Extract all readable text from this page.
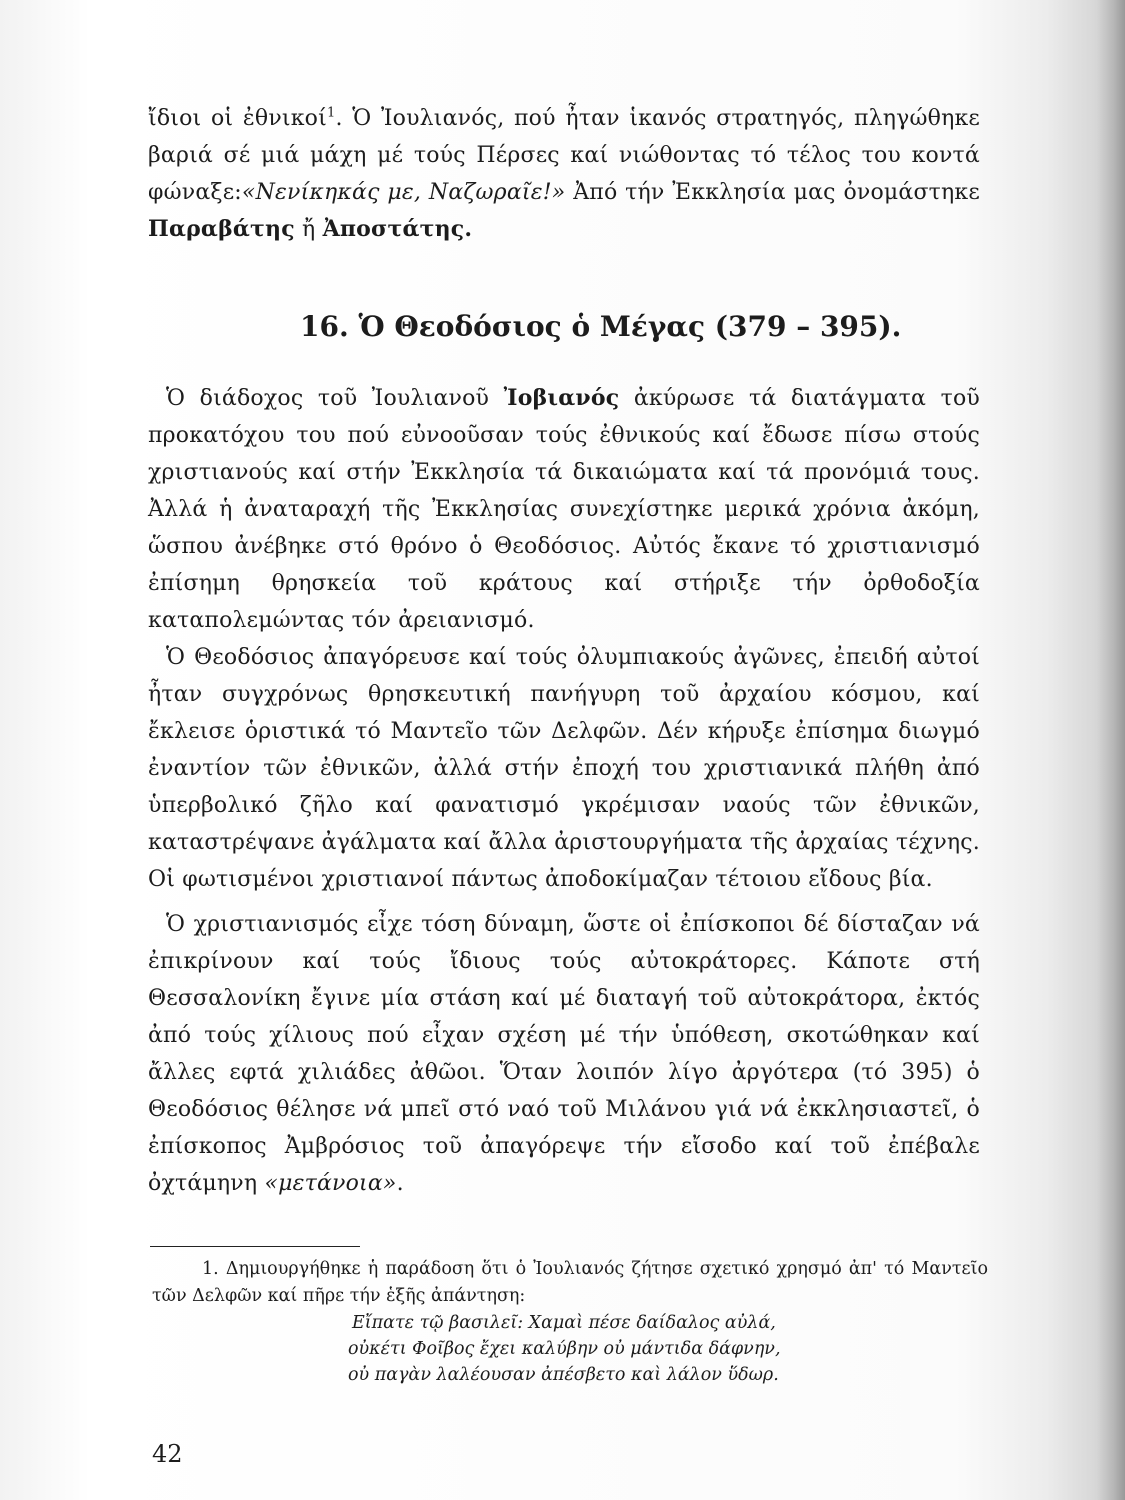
ἴδιοι οἱ ἐθνικοί$^1$. Ὁ Ἰουλιανός, πού ἦταν ἱκανός στρατηγός, πληγώθηκε βαριά σέ μιά μάχη μέ τούς Πέρσες καί νιώθοντας τό τέλος του κοντά φώναξε:«Νενίκηκάς με, Ναζωραῖε!» Ἀπό τήν Ἐκκλησία μας ὀνομάστηκε Παραβάτης ἤ Ἀποστάτης.

16. Ὁ Θεοδόσιος ὁ Μέγας (379 – 395).

Ὁ διάδοχος τοῦ Ἰουλιανοῦ Ἰοβιανός ἀκύρωσε τά διατάγματα τοῦ προκατόχου του πού εὐνοοῦσαν τούς ἐθνικούς καί ἔδωσε πίσω στούς χριστιανούς καί στήν Ἐκκλησία τά δικαιώματα καί τά προνόμιά τους. Ἀλλά ἡ ἀναταραχή τῆς Ἐκκλησίας συνεχίστηκε μερικά χρόνια ἀκόμη, ὥσπου ἀνέβηκε στό θρόνο ὁ Θεοδόσιος. Αὐτός ἔκανε τό χριστιανισμό ἐπίσημη θρησκεία τοῦ κράτους καί στήριξε τήν ὀρθοδοξία καταπολεμώντας τόν ἀρειανισμό.

Ὁ Θεοδόσιος ἀπαγόρευσε καί τούς ὀλυμπιακούς ἀγῶνες, ἐπειδή αὐτοί ἦταν συγχρόνως θρησκευτική πανήγυρη τοῦ ἀρχαίου κόσμου, καί ἔκλεισε ὁριστικά τό Μαντεῖο τῶν Δελφῶν. Δέν κήρυξε ἐπίσημα διωγμό ἐναντίον τῶν ἐθνικῶν, ἀλλά στήν ἐποχή του χριστιανικά πλήθη ἀπό ὑπερβολικό ζῆλο καί φανατισμό γκρέμισαν ναούς τῶν ἐθνικῶν, καταστρέψανε ἀγάλματα καί ἄλλα ἀριστουργήματα τῆς ἀρχαίας τέχνης. Οἱ φωτισμένοι χριστιανοί πάντως ἀποδοκίμαζαν τέτοιου εἴδους βία.

Ὁ χριστιανισμός εἶχε τόση δύναμη, ὥστε οἱ ἐπίσκοποι δέ δίσταζαν νά ἐπικρίνουν καί τούς ἴδιους τούς αὐτοκράτορες. Κάποτε στή Θεσσαλονίκη ἔγινε μία στάση καί μέ διαταγή τοῦ αὐτοκράτορα, ἐκτός ἀπό τούς χίλιους πού εἶχαν σχέση μέ τήν ὑπόθεση, σκοτώθηκαν καί ἄλλες εφτά χιλιάδες ἀθῶοι. Ὅταν λοιπόν λίγο ἀργότερα (τό 395) ὁ Θεοδόσιος θέλησε νά μπεῖ στό ναό τοῦ Μιλάνου γιά νά ἐκκλησιαστεῖ, ὁ ἐπίσκοπος Ἀμβρόσιος τοῦ ἀπαγόρεψε τήν εἴσοδο καί τοῦ ἐπέβαλε ὀχτάμηνη «μετάνοια».

1. Δημιουργήθηκε ἡ παράδοση ὅτι ὁ Ἰουλιανός ζήτησε σχετικό χρησμό ἀπ' τό Μαντεῖο τῶν Δελφῶν καί πῆρε τήν ἑξῆς ἀπάντηση:

Εἴπατε τῷ βασιλεῖ: Χαμαὶ πέσε δαίδαλος αὐλά,

οὐκέτι Φοῖβος ἔχει καλύβην οὐ μάντιδα δάφνην,

οὐ παγὰν λαλέουσαν ἀπέσβετο καὶ λάλον ὕδωρ.

42
